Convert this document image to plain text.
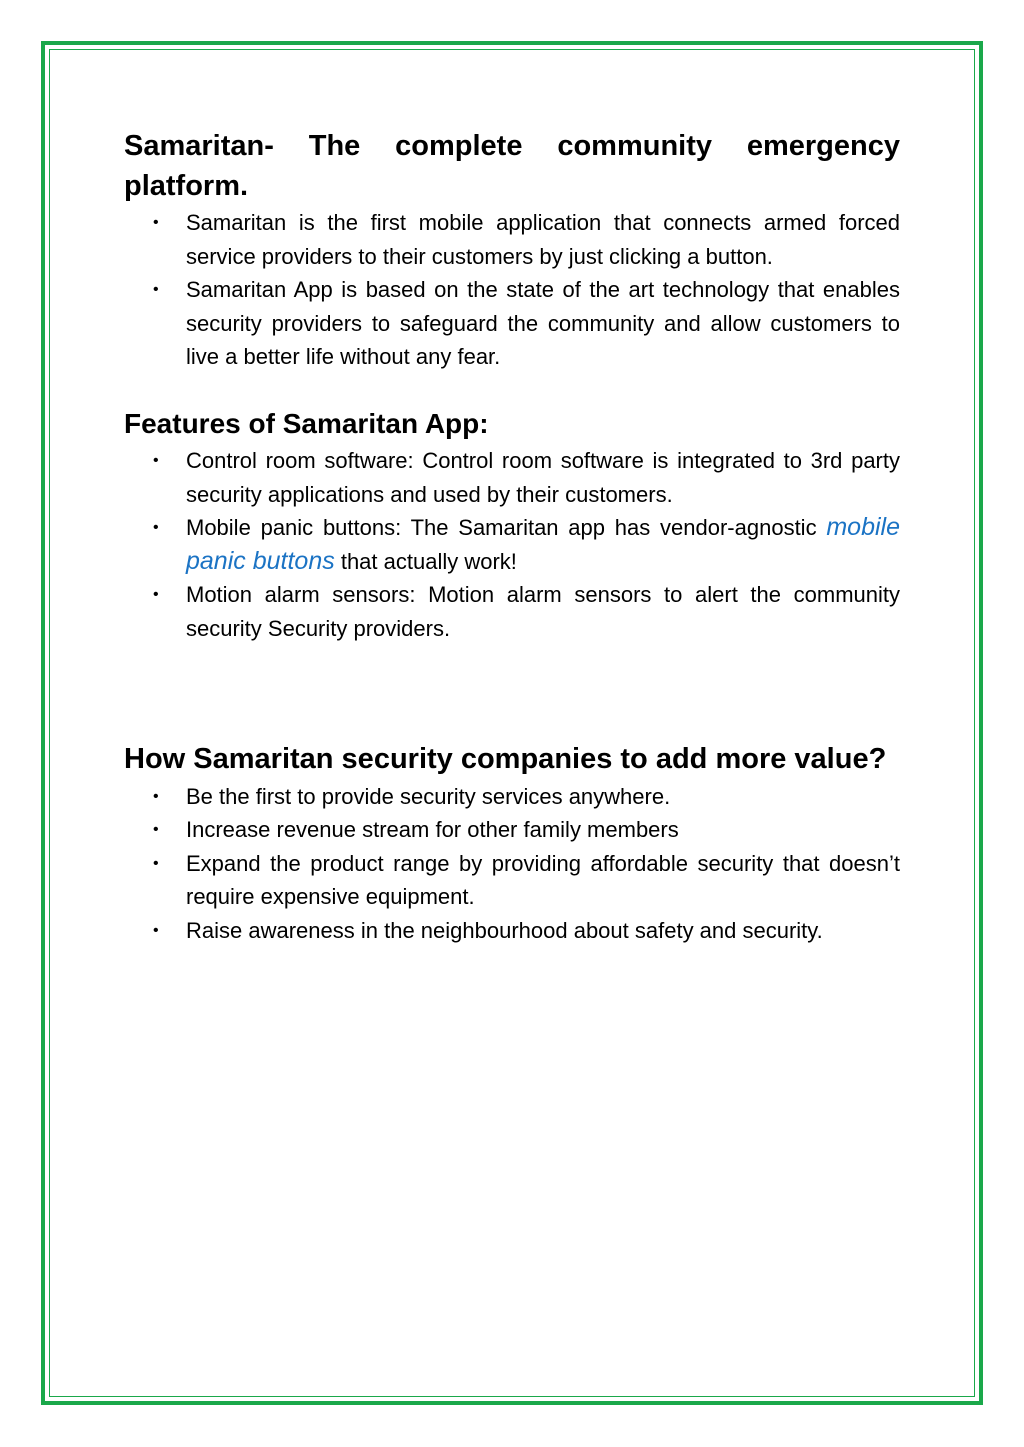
Samaritan- The complete community emergency platform.
• Samaritan is the first mobile application that connects armed forced service providers to their customers by just clicking a button.
• Samaritan App is based on the state of the art technology that enables security providers to safeguard the community and allow customers to live a better life without any fear.
Features of Samaritan App:
• Control room software: Control room software is integrated to 3rd party security applications and used by their customers.
• Mobile panic buttons: The Samaritan app has vendor-agnostic mobile panic buttons that actually work!
• Motion alarm sensors: Motion alarm sensors to alert the community security Security providers.
How Samaritan security companies to add more value?
• Be the first to provide security services anywhere.
• Increase revenue stream for other family members
• Expand the product range by providing affordable security that doesn’t require expensive equipment.
• Raise awareness in the neighbourhood about safety and security.
